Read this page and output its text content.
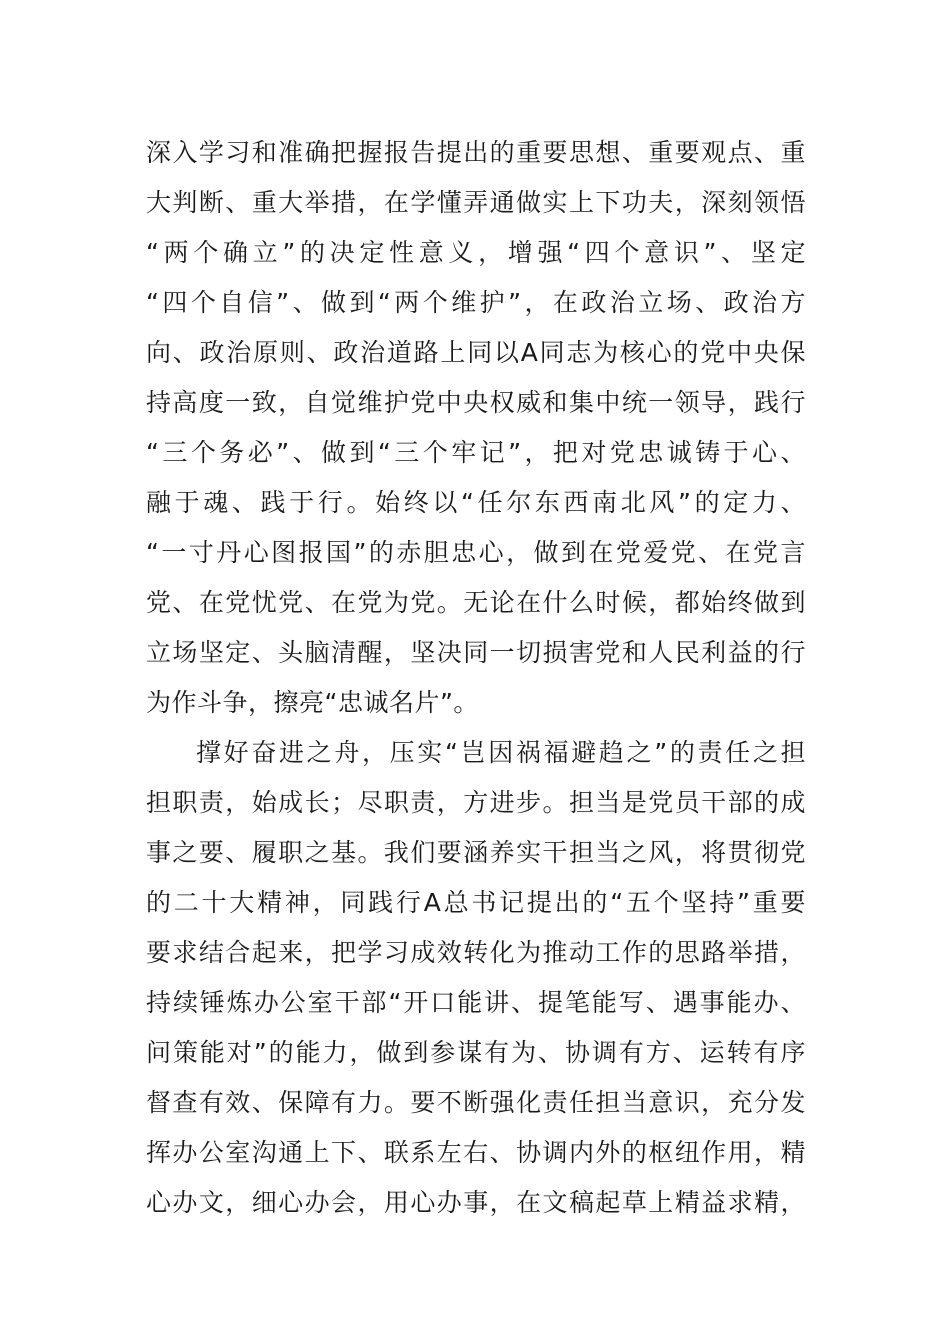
深入学习和准确把握报告提出的重要思想、重要观点、重
大判断、重大举措，在学懂弄通做实上下功夫，深刻领悟
“两个确立”的决定性意义，增强“四个意识”、坚定
“四个自信”、做到“两个维护”，在政治立场、政治方
向、政治原则、政治道路上同以A同志为核心的党中央保
持高度一致，自觉维护党中央权威和集中统一领导，践行
“三个务必”、做到“三个牢记”，把对党忠诚铸于心、
融于魂、践于行。始终以“任尔东西南北风”的定力、
“一寸丹心图报国”的赤胆忠心，做到在党爱党、在党言
党、在党忧党、在党为党。无论在什么时候，都始终做到
立场坚定、头脑清醒，坚决同一切损害党和人民利益的行
为作斗争，擦亮“忠诚名片”。
撑好奋进之舟，压实“岂因祸福避趋之”的责任之担
担职责，始成长；尽职责，方进步。担当是党员干部的成
事之要、履职之基。我们要涵养实干担当之风，将贯彻党
的二十大精神，同践行A总书记提出的“五个坚持”重要
要求结合起来，把学习成效转化为推动工作的思路举措，
持续锤炼办公室干部“开口能讲、提笔能写、遇事能办、
问策能对”的能力，做到参谋有为、协调有方、运转有序
督查有效、保障有力。要不断强化责任担当意识，充分发
挥办公室沟通上下、联系左右、协调内外的枢纽作用，精
心办文，细心办会，用心办事，在文稿起草上精益求精，
